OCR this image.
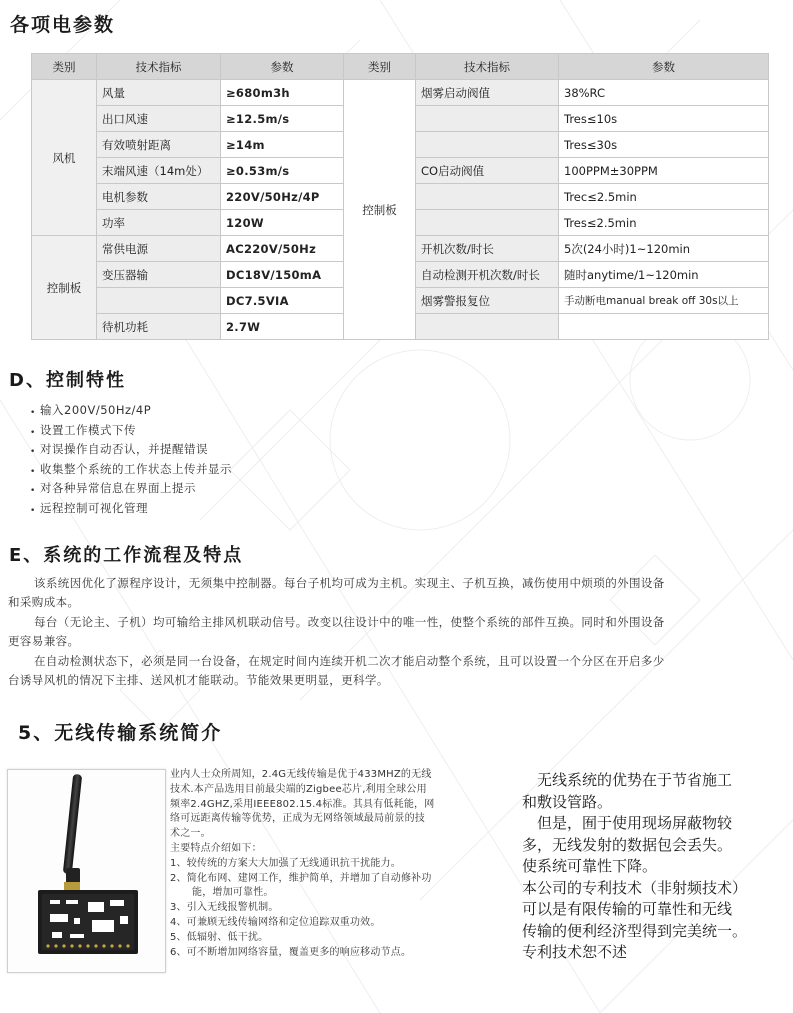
各项电参数
类别	技术指标	参数	类别	技术指标	参数
风机	风量	≥680m3h	控制板	烟雾启动阀值	38%RC
	出口风速	≥12.5m/s			Tres≤10s
	有效喷射距离	≥14m			Tres≤30s
	末端风速（14m处）	≥0.53m/s		CO启动阀值	100PPM±30PPM
	电机参数	220V/50Hz/4P			Trec≤2.5min
	功率	120W			Tres≤2.5min
控制板	常供电源	AC220V/50Hz		开机次数/时长	5次(24小时)1~120min
	变压器输	DC18V/150mA		自动检测开机次数/时长	随时anytime/1~120min
		DC7.5VIA		烟雾警报复位	手动断电manual break off 30s以上
	待机功耗	2.7W			
D、控制特性
• 输入200V/50Hz/4P
• 设置工作模式下传
• 对误操作自动否认，并提醒错误
• 收集整个系统的工作状态上传并显示
• 对各种异常信息在界面上提示
• 远程控制可视化管理
E、系统的工作流程及特点

该系统因优化了源程序设计，无须集中控制器。每台子机均可成为主机。实现主、子机互换，减伤使用中烦琐的外围设备

和采购成本。

每台（无论主、子机）均可输给主排风机联动信号。改变以往设计中的唯一性，使整个系统的部件互换。同时和外围设备

更容易兼容。

在自动检测状态下，必须是同一台设备，在规定时间内连续开机二次才能启动整个系统，且可以设置一个分区在开启多少

台诱导风机的情况下主排、送风机才能联动。节能效果更明显，更科学。

5、无线传输系统简介
业内人士众所周知，2.4G无线传输是优于433MHZ的无线
技术.本产品选用目前最尖端的Zigbee芯片,利用全球公用
频率2.4GHZ,采用IEEE802.15.4标准。其具有低耗能，网
络可远距离传输等优势，正成为无网络领域最局前景的技
术之一。
主要特点介绍如下：
1、较传统的方案大大加强了无线通讯抗干扰能力。
2、简化布网、建网工作，维护简单，并增加了自动修补功
能，增加可靠性。
3、引入无线报警机制。
4、可兼顾无线传输网络和定位追踪双重功效。
5、低辐射、低干扰。
6、可不断增加网络容量，覆盖更多的响应移动节点。
　无线系统的优势在于节省施工
和敷设管路。
　但是，囿于使用现场屏蔽物较
多，无线发射的数据包会丢失。
使系统可靠性下降。
本公司的专利技术（非射频技术）
可以是有限传输的可靠性和无线
传输的便利经济型得到完美统一。
专利技术恕不述
